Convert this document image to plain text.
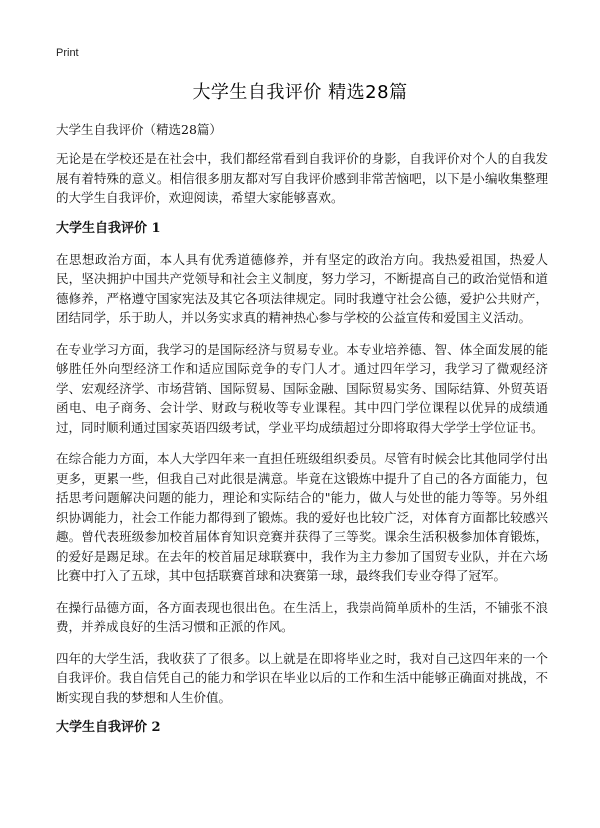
Print
大学生自我评价 精选28篇
大学生自我评价（精选28篇）

无论是在学校还是在社会中，我们都经常看到自我评价的身影，自我评价对个人的自我发展有着特殊的意义。相信很多朋友都对写自我评价感到非常苦恼吧，以下是小编收集整理的大学生自我评价，欢迎阅读，希望大家能够喜欢。

大学生自我评价 1

在思想政治方面，本人具有优秀道德修养，并有坚定的政治方向。我热爱祖国，热爱人民，坚决拥护中国共产党领导和社会主义制度，努力学习，不断提高自己的政治觉悟和道德修养，严格遵守国家宪法及其它各项法律规定。同时我遵守社会公德，爱护公共财产，团结同学，乐于助人，并以务实求真的精神热心参与学校的公益宣传和爱国主义活动。

在专业学习方面，我学习的是国际经济与贸易专业。本专业培养德、智、体全面发展的能够胜任外向型经济工作和适应国际竞争的专门人才。通过四年学习，我学习了微观经济学、宏观经济学、市场营销、国际贸易、国际金融、国际贸易实务、国际结算、外贸英语函电、电子商务、会计学、财政与税收等专业课程。其中四门学位课程以优异的成绩通过，同时顺利通过国家英语四级考试，学业平均成绩超过分即将取得大学学士学位证书。

在综合能力方面，本人大学四年来一直担任班级组织委员。尽管有时候会比其他同学付出更多，更累一些，但我自己对此很是满意。毕竟在这锻炼中提升了自己的各方面能力，包括思考问题解决问题的能力，理论和实际结合的"能力，做人与处世的能力等等。另外组织协调能力，社会工作能力都得到了锻炼。我的爱好也比较广泛，对体育方面都比较感兴趣。曾代表班级参加校首届体育知识竞赛并获得了三等奖。课余生活积极参加体育锻炼，的爱好是踢足球。在去年的校首届足球联赛中，我作为主力参加了国贸专业队，并在六场比赛中打入了五球，其中包括联赛首球和决赛第一球，最终我们专业夺得了冠军。

在操行品德方面，各方面表现也很出色。在生活上，我崇尚简单质朴的生活，不铺张不浪费，并养成良好的生活习惯和正派的作风。

四年的大学生活，我收获了了很多。以上就是在即将毕业之时，我对自己这四年来的一个自我评价。我自信凭自己的能力和学识在毕业以后的工作和生活中能够正确面对挑战，不断实现自我的梦想和人生价值。

大学生自我评价 2
